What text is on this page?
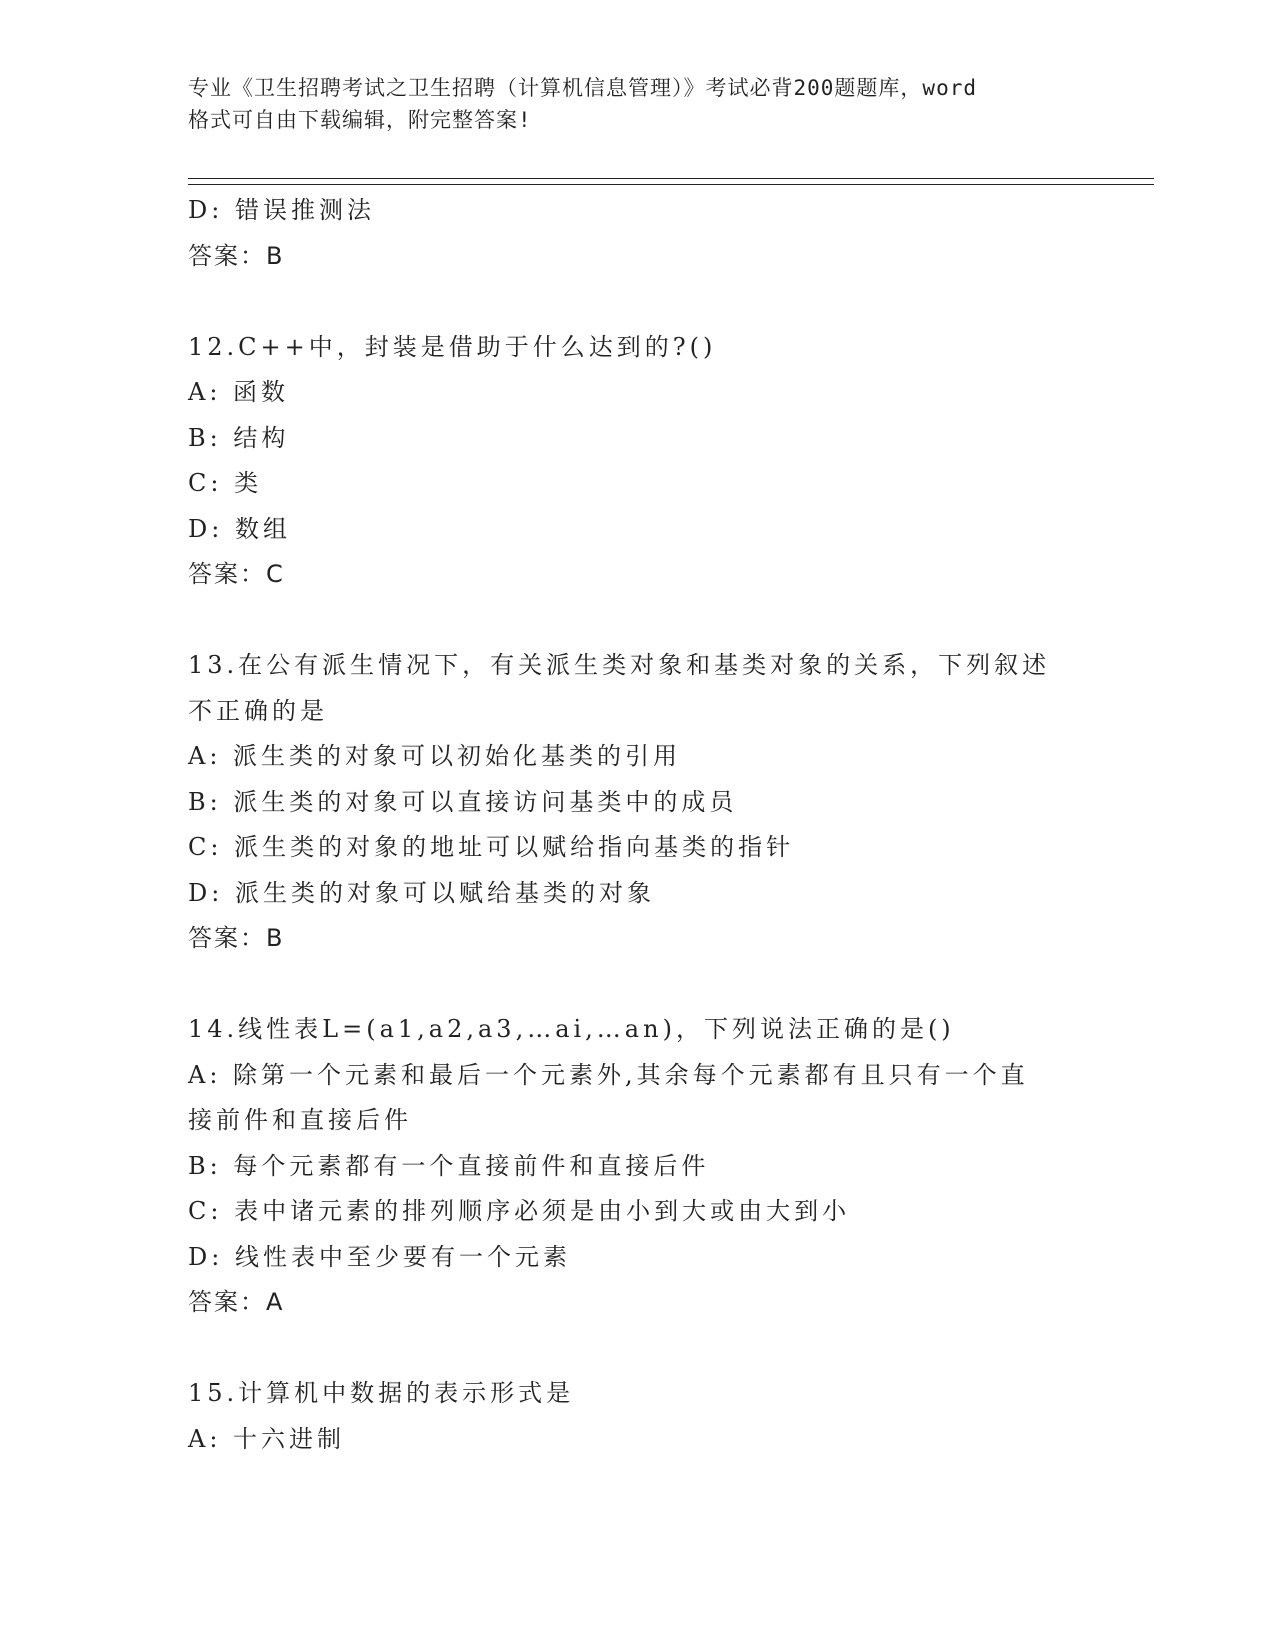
专业《卫生招聘考试之卫生招聘（计算机信息管理）》考试必背200题题库，word
格式可自由下载编辑，附完整答案!
D: 错误推测法
答案：B
12.C++中，封装是借助于什么达到的?()
A: 函数
B: 结构
C: 类
D: 数组
答案：C
13.在公有派生情况下，有关派生类对象和基类对象的关系，下列叙述
不正确的是
A: 派生类的对象可以初始化基类的引用
B: 派生类的对象可以直接访问基类中的成员
C: 派生类的对象的地址可以赋给指向基类的指针
D: 派生类的对象可以赋给基类的对象
答案：B
14.线性表L=(a1,a2,a3,…ai,…an)，下列说法正确的是()
A: 除第一个元素和最后一个元素外,其余每个元素都有且只有一个直
接前件和直接后件
B: 每个元素都有一个直接前件和直接后件
C: 表中诸元素的排列顺序必须是由小到大或由大到小
D: 线性表中至少要有一个元素
答案：A
15.计算机中数据的表示形式是
A: 十六进制
